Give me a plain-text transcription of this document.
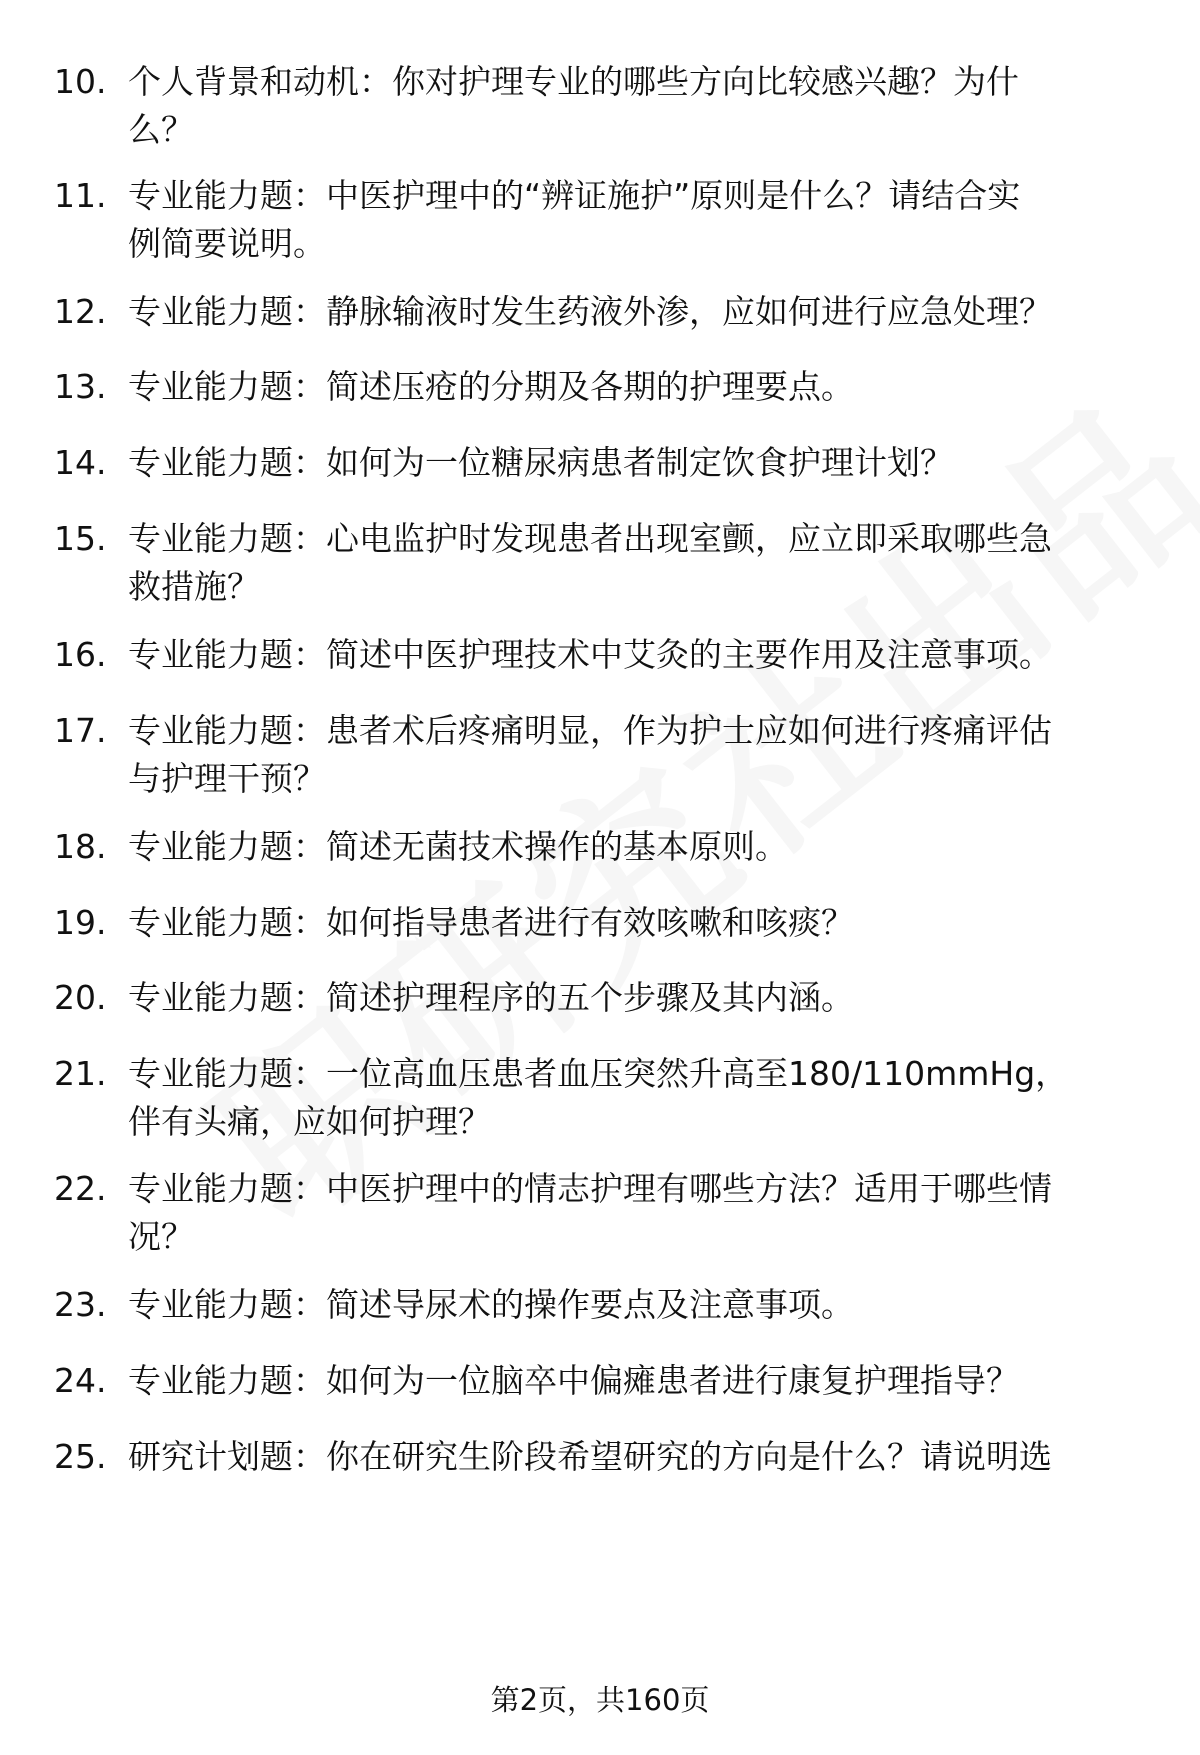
10. 个人背景和动机：你对护理专业的哪些方向比较感兴趣？为什
么？
11. 专业能力题：中医护理中的“辨证施护”原则是什么？请结合实
例简要说明。
12. 专业能力题：静脉输液时发生药液外渗，应如何进行应急处理？
13. 专业能力题：简述压疮的分期及各期的护理要点。
14. 专业能力题：如何为一位糖尿病患者制定饮食护理计划？
15. 专业能力题：心电监护时发现患者出现室颤，应立即采取哪些急
救措施？
16. 专业能力题：简述中医护理技术中艾灸的主要作用及注意事项。
17. 专业能力题：患者术后疼痛明显，作为护士应如何进行疼痛评估
与护理干预？
18. 专业能力题：简述无菌技术操作的基本原则。
19. 专业能力题：如何指导患者进行有效咳嗽和咳痰？
20. 专业能力题：简述护理程序的五个步骤及其内涵。
21. 专业能力题：一位高血压患者血压突然升高至180/110mmHg，
伴有头痛，应如何护理？
22. 专业能力题：中医护理中的情志护理有哪些方法？适用于哪些情
况？
23. 专业能力题：简述导尿术的操作要点及注意事项。
24. 专业能力题：如何为一位脑卒中偏瘫患者进行康复护理指导？
25. 研究计划题：你在研究生阶段希望研究的方向是什么？请说明选
第2页，共160页
